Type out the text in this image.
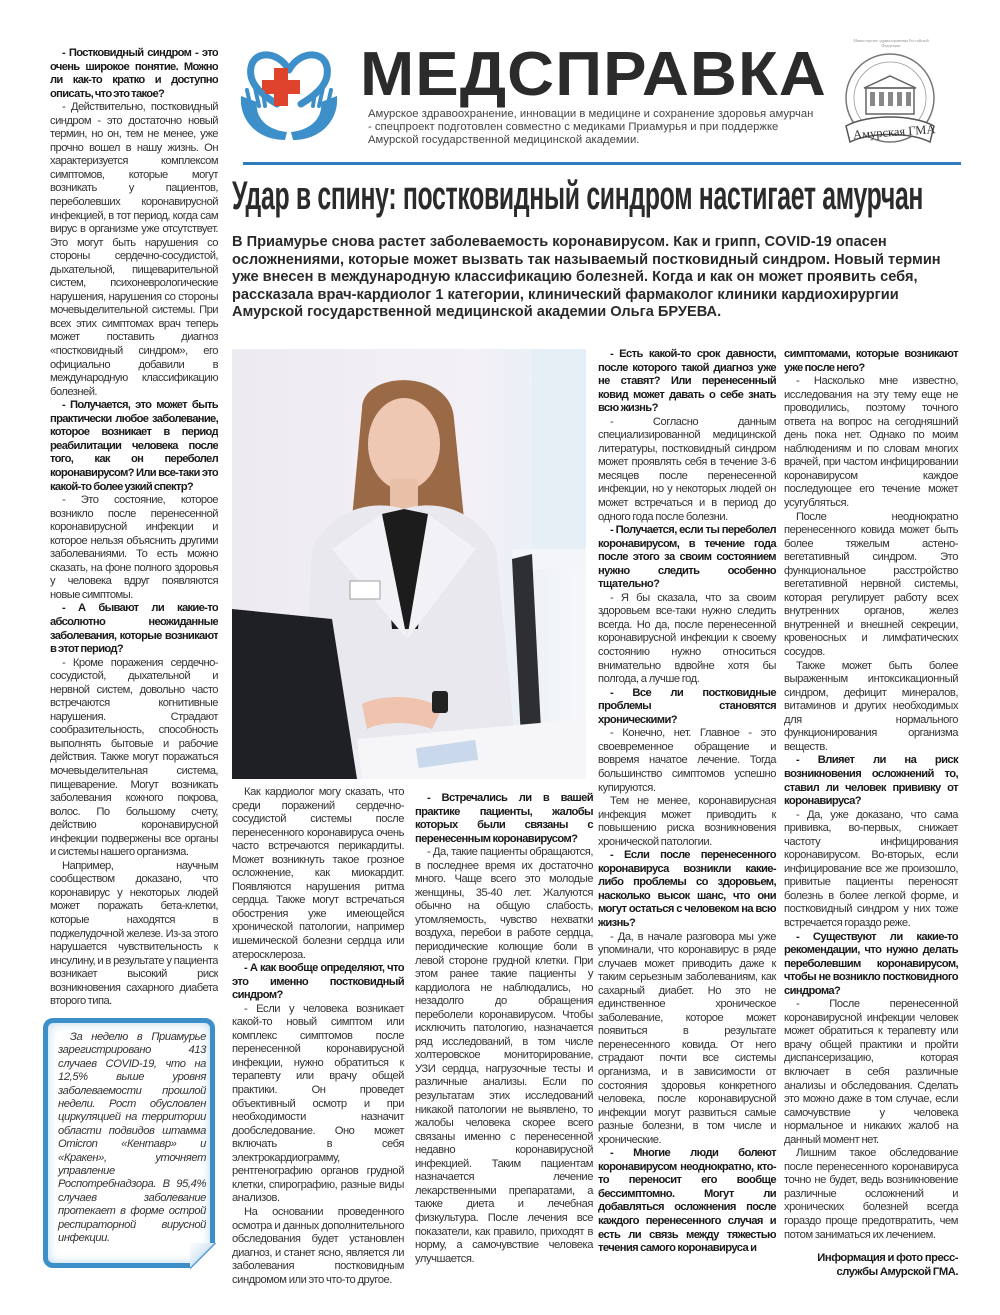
МЕДСПРАВКА
Амурское здравоохранение, инновации в медицине и сохранение здоровья амурчан - спецпроект подготовлен совместно с медиками Приамурья и при поддержке Амурской государственной медицинской академии.	Амурская ГМА
Министерство здравоохранения Российской Федерации
Удар в спину: постковидный синдром настигает амурчан
В Приамурье снова растет заболеваемость коронавирусом. Как и грипп, COVID-19 опасен осложнениями, которые может вызвать так называемый постковидный синдром. Новый термин уже внесен в международную классификацию болезней. Когда и как он может проявить себя, рассказала врач-кардиолог 1 категории, клинический фармаколог клиники кардиохирургии Амурской государственной медицинской академии Ольга БРУЕВА.

- Постковидный синдром - это очень широкое понятие. Можно ли как-то кратко и доступно описать, что это такое?

- Действительно, постковидный синдром - это достаточно новый термин, но он, тем не менее, уже прочно вошел в нашу жизнь. Он характеризуется комплексом симптомов, которые могут возникать у пациентов, переболевших коронавирусной инфекцией, в тот период, когда сам вирус в организме уже отсутствует. Это могут быть нарушения со стороны сердечно-сосудистой, дыхательной, пищеварительной систем, психоневрологические нарушения, нарушения со стороны мочевыделительной системы. При всех этих симптомах врач теперь может поставить диагноз «постковидный синдром», его официально добавили в международную классификацию болезней.

- Получается, это может быть практически любое заболевание, которое возникает в период реабилитации человека после того, как он переболел коронавирусом? Или все-таки это какой-то более узкий спектр?

- Это состояние, которое возникло после перенесенной коронавирусной инфекции и которое нельзя объяснить другими заболеваниями. То есть можно сказать, на фоне полного здоровья у человека вдруг появляются новые симптомы.

- А бывают ли какие-то абсолютно неожиданные заболевания, которые возникают в этот период?

- Кроме поражения сердечно-сосудистой, дыхательной и нервной систем, довольно часто встречаются когнитивные нарушения. Страдают сообразительность, способность выполнять бытовые и рабочие действия. Также могут поражаться мочевыделительная система, пищеварение. Могут возникать заболевания кожного покрова, волос. По большому счету, действию коронавирусной инфекции подвержены все органы и системы нашего организма.

Например, научным сообществом доказано, что коронавирус у некоторых людей может поражать бета-клетки, которые находятся в поджелудочной железе. Из-за этого нарушается чувствительность к инсулину, и в результате у пациента возникает высокий риск возникновения сахарного диабета второго типа.

За неделю в Приамурье зарегистрировано 413 случаев COVID-19, что на 12,5% выше уровня заболеваемости прошлой недели. Рост обусловлен циркуляцией на территории области подвидов штамма Omicron «Кентавр» и «Кракен», уточняет управление Роспотребнадзора. В 95,4% случаев заболевание протекает в форме острой респираторной вирусной инфекции.

Как кардиолог могу сказать, что среди поражений сердечно-сосудистой системы после перенесенного коронавируса очень часто встречаются перикардиты. Может возникнуть такое грозное осложнение, как миокардит. Появляются нарушения ритма сердца. Также могут встречаться обострения уже имеющейся хронической патологии, например ишемической болезни сердца или атеросклероза.

- А как вообще определяют, что это именно постковидный синдром?

- Если у человека возникает какой-то новый симптом или комплекс симптомов после перенесенной коронавирусной инфекции, нужно обратиться к терапевту или врачу общей практики. Он проведет объективный осмотр и при необходимости назначит дообследование. Оно может включать в себя электрокардиограмму, рентгенографию органов грудной клетки, спирографию, разные виды анализов.

На основании проведенного осмотра и данных дополнительного обследования будет установлен диагноз, и станет ясно, является ли заболевания постковидным синдромом или это что-то другое.

- Встречались ли в вашей практике пациенты, жалобы которых были связаны с перенесенным коронавирусом?

- Да, такие пациенты обращаются, в последнее время их достаточно много. Чаще всего это молодые женщины, 35-40 лет. Жалуются обычно на общую слабость, утомляемость, чувство нехватки воздуха, перебои в работе сердца, периодические колющие боли в левой стороне грудной клетки. При этом ранее такие пациенты у кардиолога не наблюдались, но незадолго до обращения переболели коронавирусом. Чтобы исключить патологию, назначается ряд исследований, в том числе холтеровское мониторирование, УЗИ сердца, нагрузочные тесты и различные анализы. Если по результатам этих исследований никакой патологии не выявлено, то жалобы человека скорее всего связаны именно с перенесенной недавно коронавирусной инфекцией. Таким пациентам назначается лечение лекарственными препаратами, а также диета и лечебная физкультура. После лечения все показатели, как правило, приходят в норму, а самочувствие человека улучшается.

- Есть какой-то срок давности, после которого такой диагноз уже не ставят? Или перенесенный ковид может давать о себе знать всю жизнь?

- Согласно данным специализированной медицинской литературы, постковидный синдром может проявлять себя в течение 3-6 месяцев после перенесенной инфекции, но у некоторых людей он может встречаться и в период до одного года после болезни.

- Получается, если ты переболел коронавирусом, в течение года после этого за своим состоянием нужно следить особенно тщательно?

- Я бы сказала, что за своим здоровьем все-таки нужно следить всегда. Но да, после перенесенной коронавирусной инфекции к своему состоянию нужно относиться внимательно вдвойне хотя бы полгода, а лучше год.

- Все ли постковидные проблемы становятся хроническими?

- Конечно, нет. Главное - это своевременное обращение и вовремя начатое лечение. Тогда большинство симптомов успешно купируются.

Тем не менее, коронавирусная инфекция может приводить к повышению риска возникновения хронической патологии.

- Если после перенесенного коронавируса возникли какие-либо проблемы со здоровьем, насколько высок шанс, что они могут остаться с человеком на всю жизнь?

- Да, в начале разговора мы уже упоминали, что коронавирус в ряде случаев может приводить даже к таким серьезным заболеваниям, как сахарный диабет. Но это не единственное хроническое заболевание, которое может появиться в результате перенесенного ковида. От него страдают почти все системы организма, и в зависимости от состояния здоровья конкретного человека, после коронавирусной инфекции могут развиться самые разные болезни, в том числе и хронические.

- Многие люди болеют коронавирусом неоднократно, кто-то переносит его вообще бессимптомно. Могут ли добавляться осложнения после каждого перенесенного случая и есть ли связь между тяжестью течения самого коронавируса и

симптомами, которые возникают уже после него?

- Насколько мне известно, исследования на эту тему еще не проводились, поэтому точного ответа на вопрос на сегодняшний день пока нет. Однако по моим наблюдениям и по словам многих врачей, при частом инфицировании коронавирусом каждое последующее его течение может усугубляться.

После неоднократно перенесенного ковида может быть более тяжелым астено-вегетативный синдром. Это функциональное расстройство вегетативной нервной системы, которая регулирует работу всех внутренних органов, желез внутренней и внешней секреции, кровеносных и лимфатических сосудов.

Также может быть более выраженным интоксикационный синдром, дефицит минералов, витаминов и других необходимых для нормального функционирования организма веществ.

- Влияет ли на риск возникновения осложнений то, ставил ли человек прививку от коронавируса?

- Да, уже доказано, что сама прививка, во-первых, снижает частоту инфицирования коронавирусом. Во-вторых, если инфицирование все же произошло, привитые пациенты переносят болезнь в более легкой форме, и постковидный синдром у них тоже встречается гораздо реже.

- Существуют ли какие-то рекомендации, что нужно делать переболевшим коронавирусом, чтобы не возникло постковидного синдрома?

- После перенесенной коронавирусной инфекции человек может обратиться к терапевту или врачу общей практики и пройти диспансеризацию, которая включает в себя различные анализы и обследования. Сделать это можно даже в том случае, если самочувствие у человека нормальное и никаких жалоб на данный момент нет.

Лишним такое обследование после перенесенного коронавируса точно не будет, ведь возникновение различные осложнений и хронических болезней всегда гораздо проще предотвратить, чем потом заниматься их лечением.

Информация и фото пресс-службы Амурской ГМА.
